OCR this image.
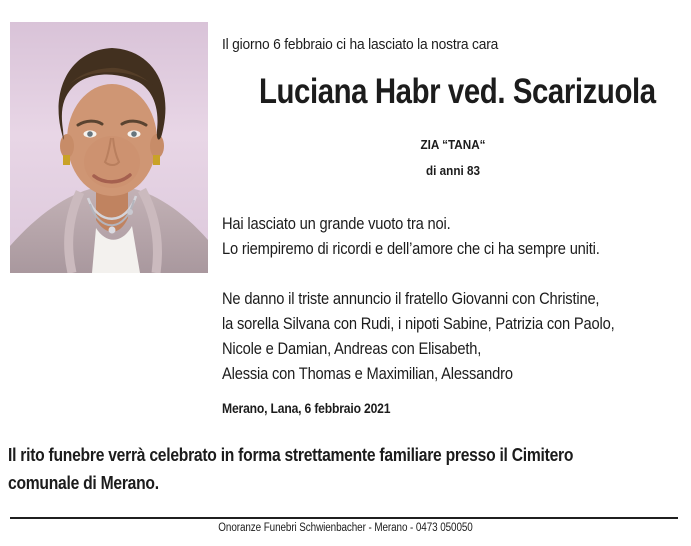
Il giorno 6 febbraio ci ha lasciato la nostra cara
Luciana Habr ved. Scarizuola
ZIA “TANA“
di anni 83
Hai lasciato un grande vuoto tra noi.
Lo riempiremo di ricordi e dell’amore che ci ha sempre uniti.
Ne danno il triste annuncio il fratello Giovanni con Christine,
la sorella Silvana con Rudi, i nipoti Sabine, Patrizia con Paolo,
Nicole e Damian, Andreas con Elisabeth,
Alessia con Thomas e Maximilian, Alessandro
Merano, Lana, 6 febbraio 2021
Il rito funebre verrà celebrato in forma strettamente familiare presso il Cimitero
comunale di Merano.
Onoranze Funebri Schwienbacher - Merano - 0473 050050
